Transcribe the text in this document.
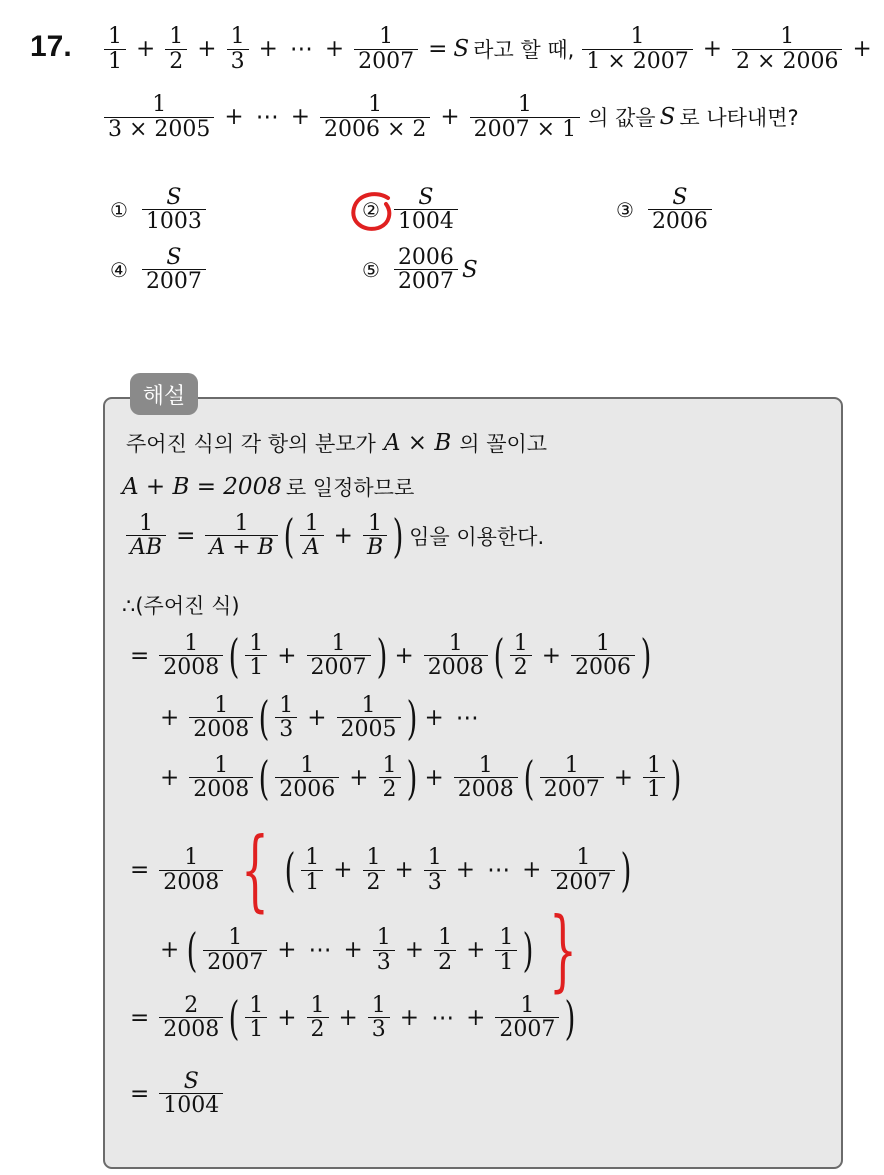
17. $\frac{1}{1} + \frac{1}{2} + \frac{1}{3}$ + ⋯ + $\frac{1}{2007} = S$ 라고 할 때, $\frac{1}{1 \times 2007} + \frac{1}{2 \times 2006}$ +
$\frac{1}{3 \times 2005}$ + ⋯ + $\frac{1}{2006 \times 2} + \frac{1}{2007 \times 1}$ 의 값을 S 로 나타내면?
① $\frac{S}{1003}$	② $\frac{S}{1004}$	③ $\frac{S}{2006}$
④ $\frac{S}{2007}$	⑤ $\frac{2006}{2007}$ S
해설
주어진 식의 각 항의 분모가 A × B 의 꼴이고
A + B = 2008 로 일정하므로
$\frac{1}{AB} = \frac{1}{A + B}$ ( $\frac{1}{A} + \frac{1}{B}$ ) 임을 이용한다.
∴(주어진 식)
= $\frac{1}{2008}$ ( $\frac{1}{1} + \frac{1}{2007}$ ) + $\frac{1}{2008}$ ( $\frac{1}{2} + \frac{1}{2006}$ )
+ $\frac{1}{2008}$ ( $\frac{1}{3} + \frac{1}{2005}$ ) + ⋯
+ $\frac{1}{2008}$ ( $\frac{1}{2006} + \frac{1}{2}$ ) + $\frac{1}{2008}$ ( $\frac{1}{2007} + \frac{1}{1}$ )
= $\frac{1}{2008}$ { ( $\frac{1}{1} + \frac{1}{2} + \frac{1}{3}$ + ⋯ + $\frac{1}{2007}$ )
+ ( $\frac{1}{2007}$ + ⋯ + $\frac{1}{3} + \frac{1}{2} + \frac{1}{1}$ ) }
= $\frac{2}{2008}$ ( $\frac{1}{1} + \frac{1}{2} + \frac{1}{3}$ + ⋯ + $\frac{1}{2007}$ )
= $\frac{S}{1004}$
